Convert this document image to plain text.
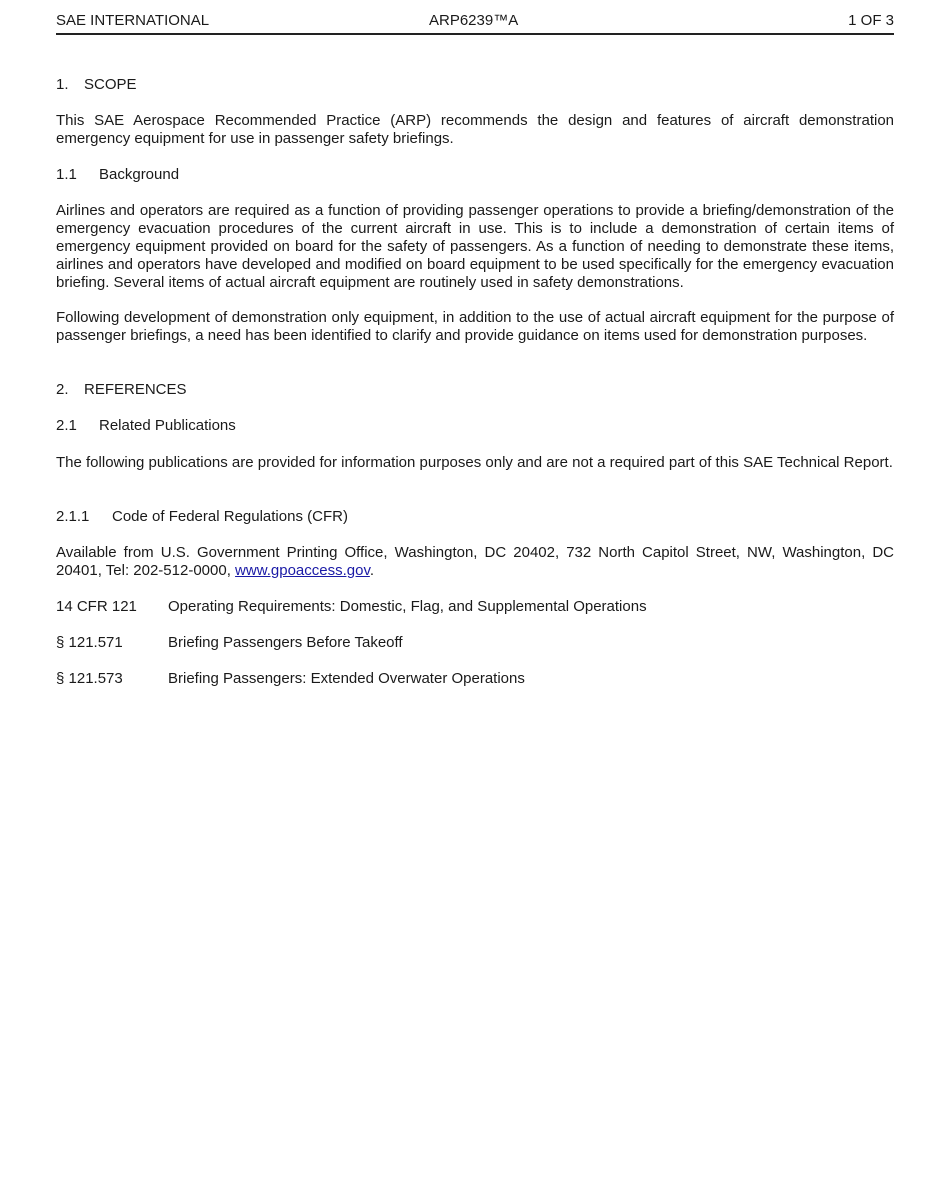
SAE INTERNATIONAL	ARP6239™A	1 OF 3
1. SCOPE

This SAE Aerospace Recommended Practice (ARP) recommends the design and features of aircraft demonstration emergency equipment for use in passenger safety briefings.

1.1 Background

Airlines and operators are required as a function of providing passenger operations to provide a briefing/demonstration of the emergency evacuation procedures of the current aircraft in use. This is to include a demonstration of certain items of emergency equipment provided on board for the safety of passengers. As a function of needing to demonstrate these items, airlines and operators have developed and modified on board equipment to be used specifically for the emergency evacuation briefing. Several items of actual aircraft equipment are routinely used in safety demonstrations.

Following development of demonstration only equipment, in addition to the use of actual aircraft equipment for the purpose of passenger briefings, a need has been identified to clarify and provide guidance on items used for demonstration purposes.

2. REFERENCES
2.1 Related Publications

The following publications are provided for information purposes only and are not a required part of this SAE Technical Report.

2.1.1 Code of Federal Regulations (CFR)

Available from U.S. Government Printing Office, Washington, DC 20402, 732 North Capitol Street, NW, Washington, DC 20401, Tel: 202-512-0000, www.gpoaccess.gov.

14 CFR 121 Operating Requirements: Domestic, Flag, and Supplemental Operations
§ 121.571	Briefing Passengers Before Takeoff
§ 121.573	Briefing Passengers: Extended Overwater Operations
